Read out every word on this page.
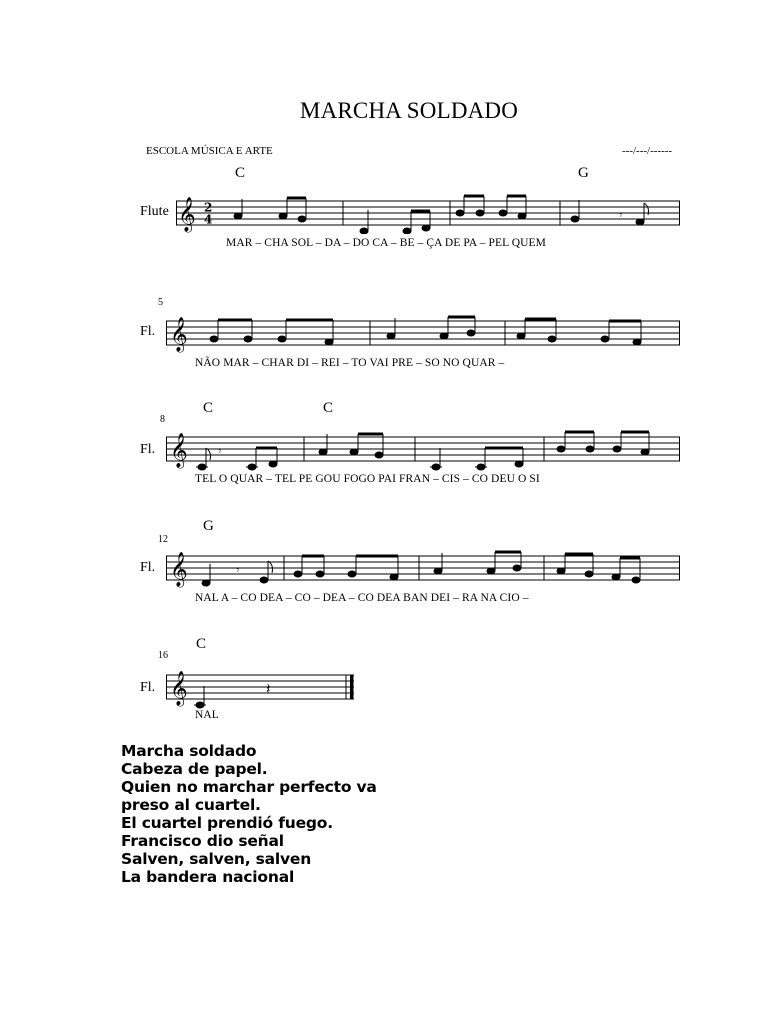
MARCHA SOLDADO
ESCOLA MÚSICA E ARTE	---/---/------
C	G
Flute 𝄞 2
4	𝄾
MAR – CHA SOL – DA – DO CA – BE – ÇA DE PA – PEL QUEM
5
Fl. 𝄞
NÃO MAR – CHAR DI – REI – TO VAI PRE – SO NO QUAR –
8
C	C
Fl. 𝄞 𝄾
TEL O QUAR – TEL PE GOU FOGO PAI FRAN – CIS – CO DEU O SI
12
G
Fl. 𝄞	𝄾
NAL A – CO DEA – CO – DEA – CO DEA BAN DEI – RA NA CIO –
16
C
Fl. 𝄞	𝄽
NAL
Marcha soldado
Cabeza de papel.
Quien no marchar perfecto va
preso al cuartel.
El cuartel prendió fuego.
Francisco dio señal
Salven, salven, salven
La bandera nacional
